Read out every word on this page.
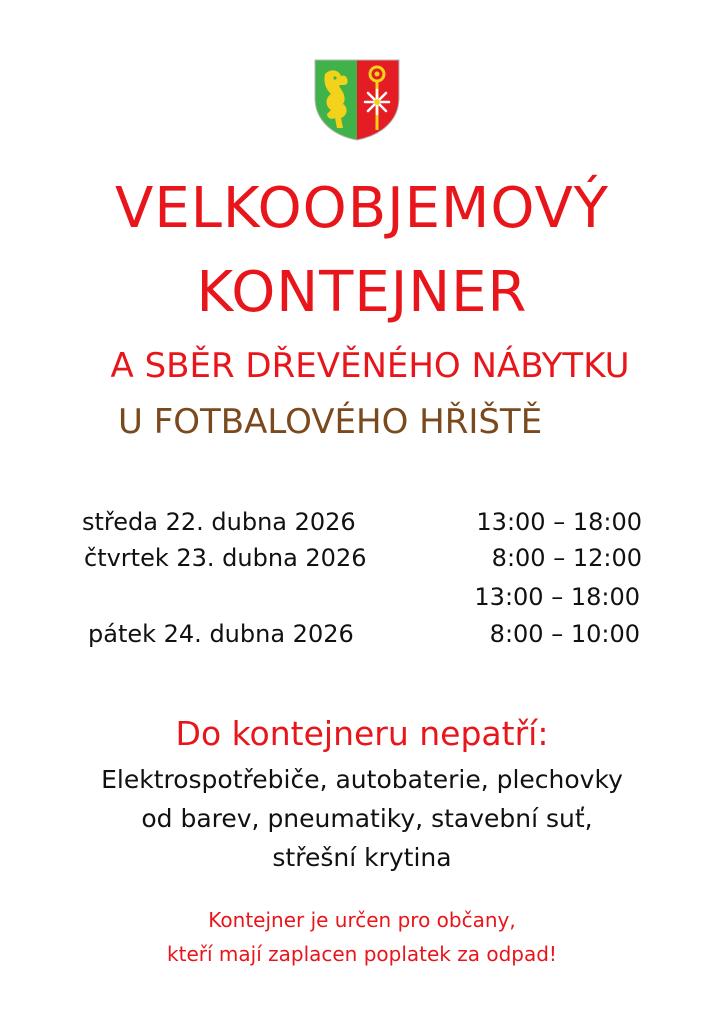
VELKOOBJEMOVÝ
KONTEJNER
A SBĚR DŘEVĚNÉHO NÁBYTKU
U FOTBALOVÉHO HŘIŠTĚ
středa 22. dubna 2026	13:00 – 18:00
čtvrtek 23. dubna 2026	8:00 – 12:00
13:00 – 18:00
pátek 24. dubna 2026	8:00 – 10:00
Do kontejneru nepatří:
Elektrospotřebiče, autobaterie, plechovky
od barev, pneumatiky, stavební suť,
střešní krytina
Kontejner je určen pro občany,
kteří mají zaplacen poplatek za odpad!
